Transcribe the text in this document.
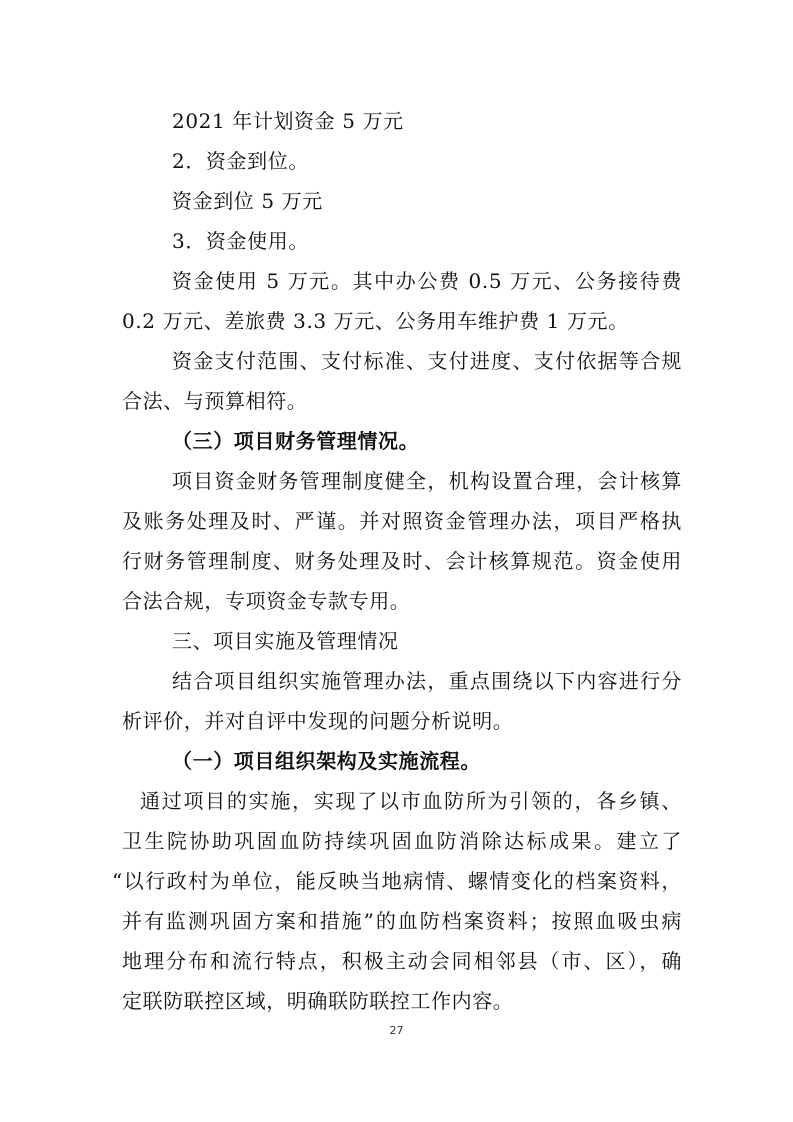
2021 年计划资金 5 万元
2．资金到位。
资金到位 5 万元
3．资金使用。
资金使用 5 万元。其中办公费 0.5 万元、公务接待费
0.2 万元、差旅费 3.3 万元、公务用车维护费 1 万元。
资金支付范围、支付标准、支付进度、支付依据等合规
合法、与预算相符。
（三）项目财务管理情况。
项目资金财务管理制度健全，机构设置合理，会计核算
及账务处理及时、严谨。并对照资金管理办法，项目严格执
行财务管理制度、财务处理及时、会计核算规范。资金使用
合法合规，专项资金专款专用。
三、项目实施及管理情况
结合项目组织实施管理办法，重点围绕以下内容进行分
析评价，并对自评中发现的问题分析说明。
（一）项目组织架构及实施流程。
通过项目的实施，实现了以市血防所为引领的，各乡镇、
卫生院协助巩固血防持续巩固血防消除达标成果。建立了
“以行政村为单位，能反映当地病情、螺情变化的档案资料，
并有监测巩固方案和措施”的血防档案资料；按照血吸虫病
地理分布和流行特点，积极主动会同相邻县（市、区），确
定联防联控区域，明确联防联控工作内容。
27
